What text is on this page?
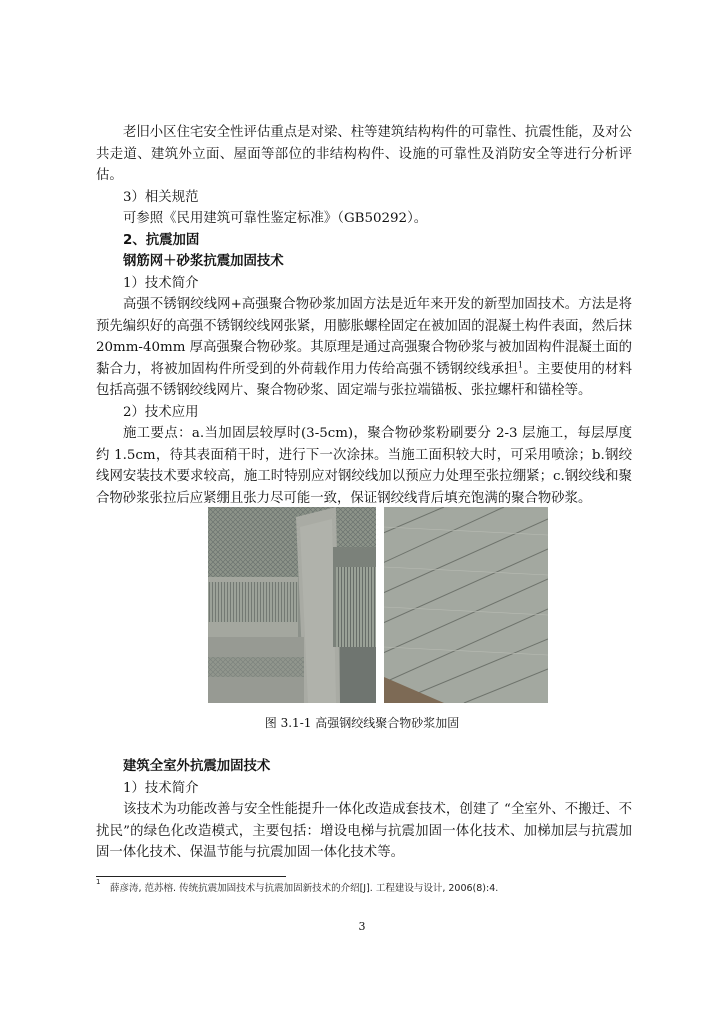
老旧小区住宅安全性评估重点是对梁、柱等建筑结构构件的可靠性、抗震性能，及对公共走道、建筑外立面、屋面等部位的非结构构件、设施的可靠性及消防安全等进行分析评估。

3）相关规范

可参照《民用建筑可靠性鉴定标准》（GB50292）。

2、抗震加固

钢筋网＋砂浆抗震加固技术

1）技术简介

高强不锈钢绞线网+高强聚合物砂浆加固方法是近年来开发的新型加固技术。方法是将预先编织好的高强不锈钢绞线网张紧，用膨胀螺栓固定在被加固的混凝土构件表面，然后抹 20mm-40mm 厚高强聚合物砂浆。其原理是通过高强聚合物砂浆与被加固构件混凝土面的黏合力，将被加固构件所受到的外荷载作用力传给高强不锈钢绞线承担$^1$。主要使用的材料包括高强不锈钢绞线网片、聚合物砂浆、固定端与张拉端锚板、张拉螺杆和锚栓等。

2）技术应用

施工要点：a.当加固层较厚时(3-5cm)，聚合物砂浆粉刷要分 2-3 层施工，每层厚度约 1.5cm，待其表面稍干时，进行下一次涂抹。当施工面积较大时，可采用喷涂；b.钢绞线网安装技术要求较高，施工时特别应对钢绞线加以预应力处理至张拉绷紧；c.钢绞线和聚合物砂浆张拉后应紧绷且张力尽可能一致，保证钢绞线背后填充饱满的聚合物砂浆。

图 3.1-1 高强钢绞线聚合物砂浆加固

建筑全室外抗震加固技术

1）技术简介

该技术为功能改善与安全性能提升一体化改造成套技术，创建了 “全室外、不搬迁、不扰民”的绿色化改造模式，主要包括：增设电梯与抗震加固一体化技术、加梯加层与抗震加固一体化技术、保温节能与抗震加固一体化技术等。

1
薛彦涛, 范苏榕. 传统抗震加固技术与抗震加固新技术的介绍[J]. 工程建设与设计, 2006(8):4.
3
